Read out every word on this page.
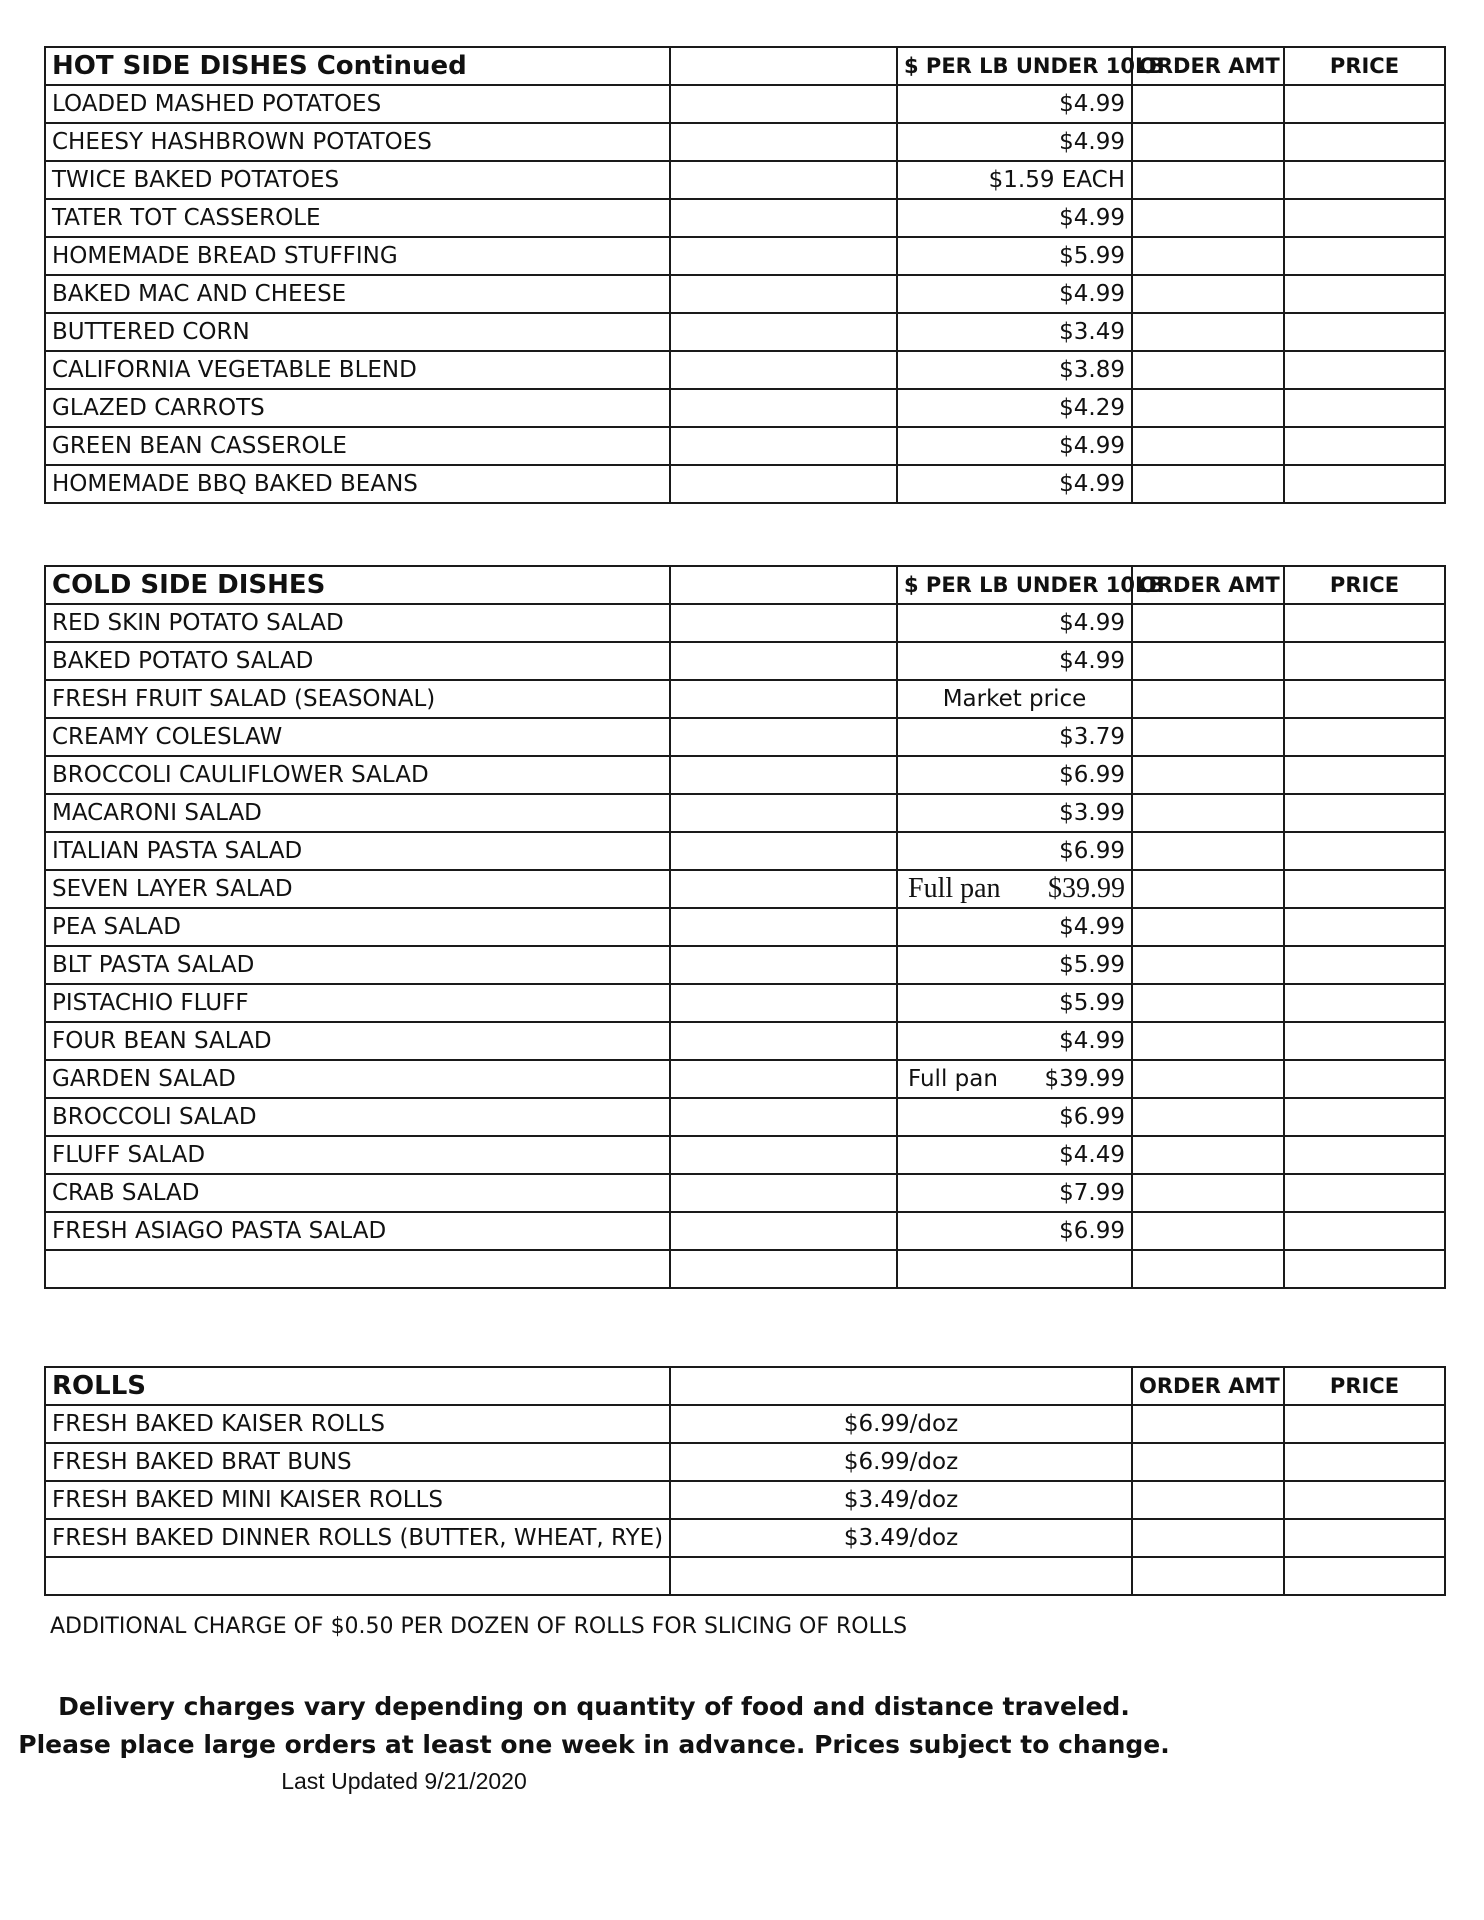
HOT SIDE DISHES Continued		$ PER LB UNDER 10LB	ORDER AMT	PRICE
LOADED MASHED POTATOES		$4.99		
CHEESY HASHBROWN POTATOES		$4.99		
TWICE BAKED POTATOES		$1.59 EACH		
TATER TOT CASSEROLE		$4.99		
HOMEMADE BREAD STUFFING		$5.99		
BAKED MAC AND CHEESE		$4.99		
BUTTERED CORN		$3.49		
CALIFORNIA VEGETABLE BLEND		$3.89		
GLAZED CARROTS		$4.29		
GREEN BEAN CASSEROLE		$4.99		
HOMEMADE BBQ BAKED BEANS		$4.99		
COLD SIDE DISHES		$ PER LB UNDER 10LB	ORDER AMT	PRICE
RED SKIN POTATO SALAD		$4.99		
BAKED POTATO SALAD		$4.99		
FRESH FRUIT SALAD (SEASONAL)		Market price		
CREAMY COLESLAW		$3.79		
BROCCOLI CAULIFLOWER SALAD		$6.99		
MACARONI SALAD		$3.99		
ITALIAN PASTA SALAD		$6.99		
SEVEN LAYER SALAD		Full pan $39.99		

PEA SALAD		$4.99		
BLT PASTA SALAD		$5.99		
PISTACHIO FLUFF		$5.99		
FOUR BEAN SALAD		$4.99		
GARDEN SALAD		Full pan $39.99		

BROCCOLI SALAD		$6.99		
FLUFF SALAD		$4.49		
CRAB SALAD		$7.99		
FRESH ASIAGO PASTA SALAD		$6.99		

ROLLS		ORDER AMT	PRICE
FRESH BAKED KAISER ROLLS	$6.99/doz		
FRESH BAKED BRAT BUNS	$6.99/doz		
FRESH BAKED MINI KAISER ROLLS	$3.49/doz		
FRESH BAKED DINNER ROLLS (BUTTER, WHEAT, RYE)	$3.49/doz		

ADDITIONAL CHARGE OF $0.50 PER DOZEN OF ROLLS FOR SLICING OF ROLLS
Delivery charges vary depending on quantity of food and distance traveled.
Please place large orders at least one week in advance. Prices subject to change.
Last Updated 9/21/2020
